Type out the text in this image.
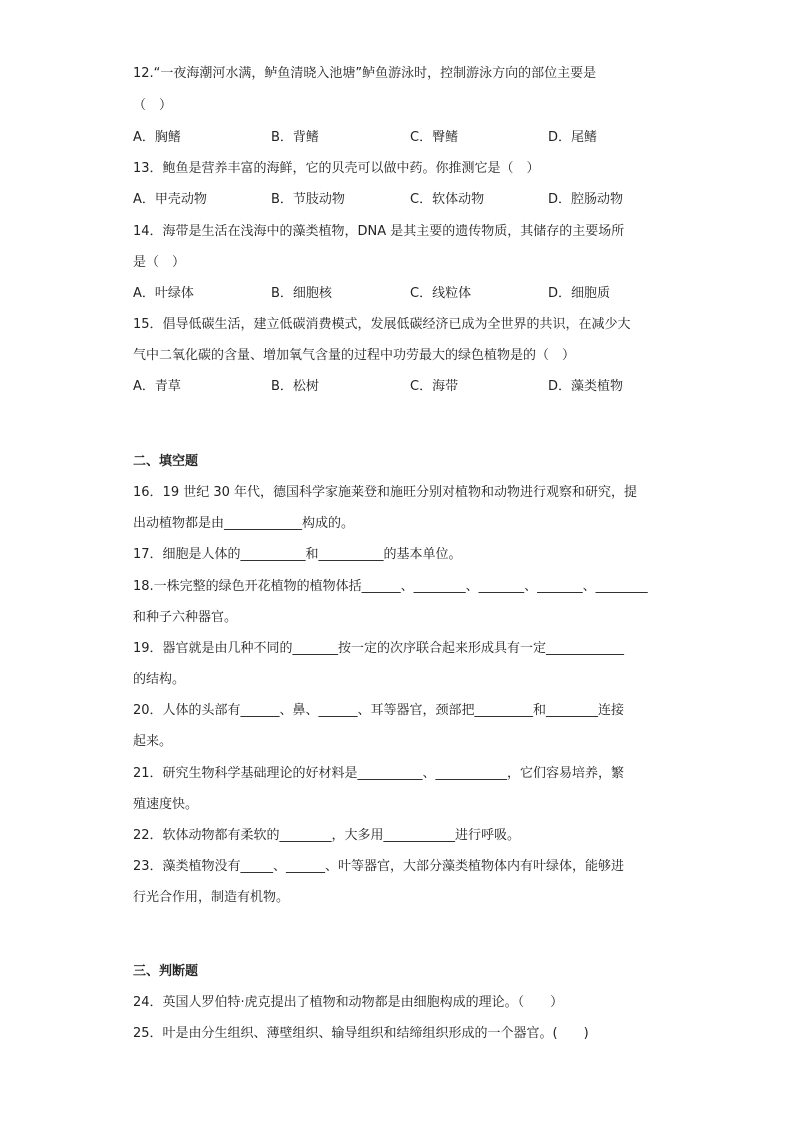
12.“一夜海潮河水满，鲈鱼清晓入池塘”鲈鱼游泳时，控制游泳方向的部位主要是
（　）
A．胸鳍	B．背鳍	C．臀鳍	D．尾鳍
13．鲍鱼是营养丰富的海鲜，它的贝壳可以做中药。你推测它是（　）
A．甲壳动物	B．节肢动物	C．软体动物	D．腔肠动物
14．海带是生活在浅海中的藻类植物，DNA 是其主要的遗传物质，其储存的主要场所
是（　）
A．叶绿体	B．细胞核	C．线粒体	D．细胞质
15．倡导低碳生活，建立低碳消费模式，发展低碳经济已成为全世界的共识，在减少大
气中二氧化碳的含量、增加氧气含量的过程中功劳最大的绿色植物是的（　）
A．青草	B．松树	C．海带	D．藻类植物
二、填空题
16．19 世纪 30 年代，德国科学家施莱登和施旺分别对植物和动物进行观察和研究，提
出动植物都是由____________构成的。
17．细胞是人体的__________和__________的基本单位。
18.一株完整的绿色开花植物的植物体括______、________、_______、_______、________
和种子六种器官。
19．器官就是由几种不同的_______按一定的次序联合起来形成具有一定____________
的结构。
20．人体的头部有______、鼻、______、耳等器官，颈部把_________和________连接
起来。
21．研究生物科学基础理论的好材料是__________、___________，它们容易培养，繁
殖速度快。
22．软体动物都有柔软的________，大多用___________进行呼吸。
23．藻类植物没有_____、______、叶等器官，大部分藻类植物体内有叶绿体，能够进
行光合作用，制造有机物。
三、判断题
24．英国人罗伯特·虎克提出了植物和动物都是由细胞构成的理论。（　　）
25．叶是由分生组织、薄壁组织、输导组织和结缔组织形成的一个器官。(　　)
